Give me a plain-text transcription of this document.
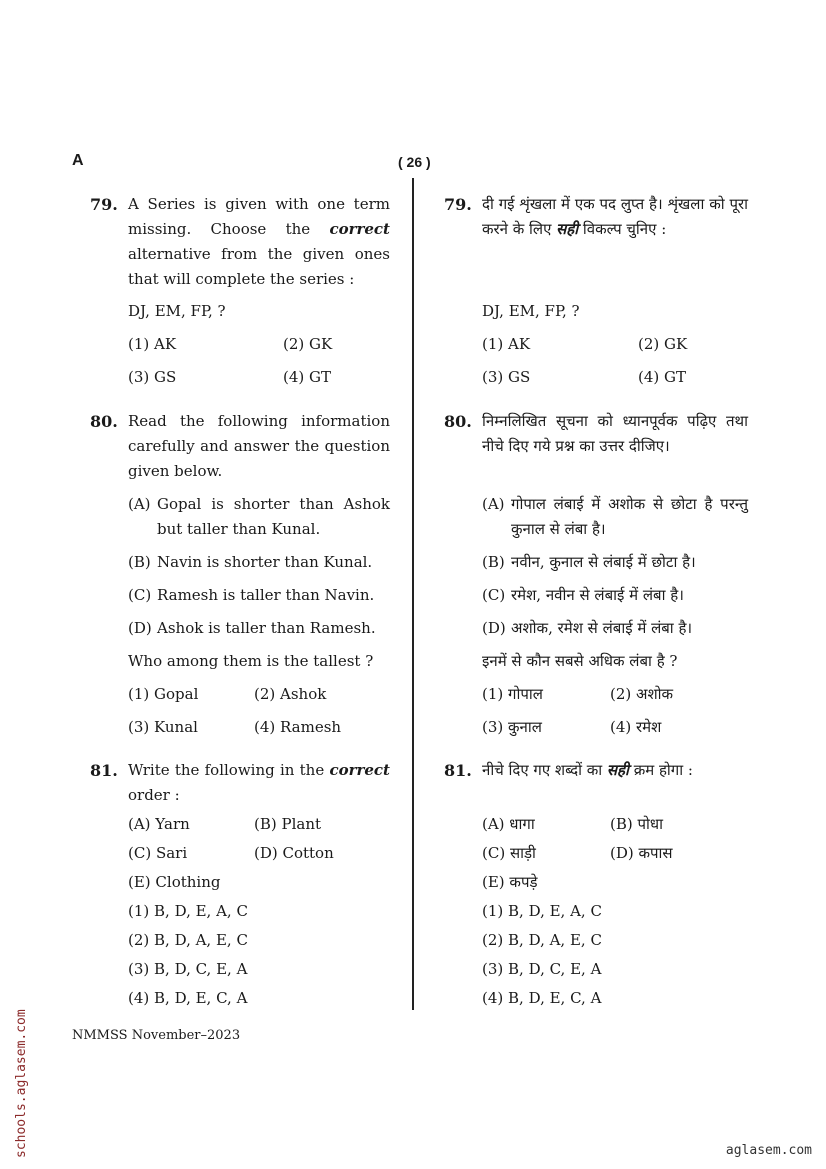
A	( 26 )
79. A Series is given with one term missing. Choose the correct alternative from the given ones that will complete the series :
DJ, EM, FP, ?
(1) AK	(2) GK
(3) GS	(4) GT
80. Read the following information carefully and answer the question given below.
(A) Gopal is shorter than Ashok but taller than Kunal.
(B) Navin is shorter than Kunal.
(C) Ramesh is taller than Navin.
(D) Ashok is taller than Ramesh.
Who among them is the tallest ?
(1) Gopal	(2) Ashok
(3) Kunal	(4) Ramesh
81. Write the following in the correct order :
(A) Yarn	(B) Plant
(C) Sari	(D) Cotton
(E) Clothing
(1) B, D, E, A, C
(2) B, D, A, E, C
(3) B, D, C, E, A
(4) B, D, E, C, A
79. दी गई शृंखला में एक पद लुप्त है। शृंखला को पूरा करने के लिए सही विकल्प चुनिए :
DJ, EM, FP, ?
(1) AK	(2) GK
(3) GS	(4) GT
80. निम्नलिखित सूचना को ध्यानपूर्वक पढ़िए तथा नीचे दिए गये प्रश्न का उत्तर दीजिए।
(A) गोपाल लंबाई में अशोक से छोटा है परन्तु कुनाल से लंबा है।
(B) नवीन, कुनाल से लंबाई में छोटा है।
(C) रमेश, नवीन से लंबाई में लंबा है।
(D) अशोक, रमेश से लंबाई में लंबा है।
इनमें से कौन सबसे अधिक लंबा है ?
(1) गोपाल	(2) अशोक
(3) कुनाल	(4) रमेश
81. नीचे दिए गए शब्दों का सही क्रम होगा :
(A) धागा	(B) पोधा
(C) साड़ी	(D) कपास
(E) कपड़े
(1) B, D, E, A, C
(2) B, D, A, E, C
(3) B, D, C, E, A
(4) B, D, E, C, A
NMMSS November–2023
schools.aglasem.com	aglasem.com
